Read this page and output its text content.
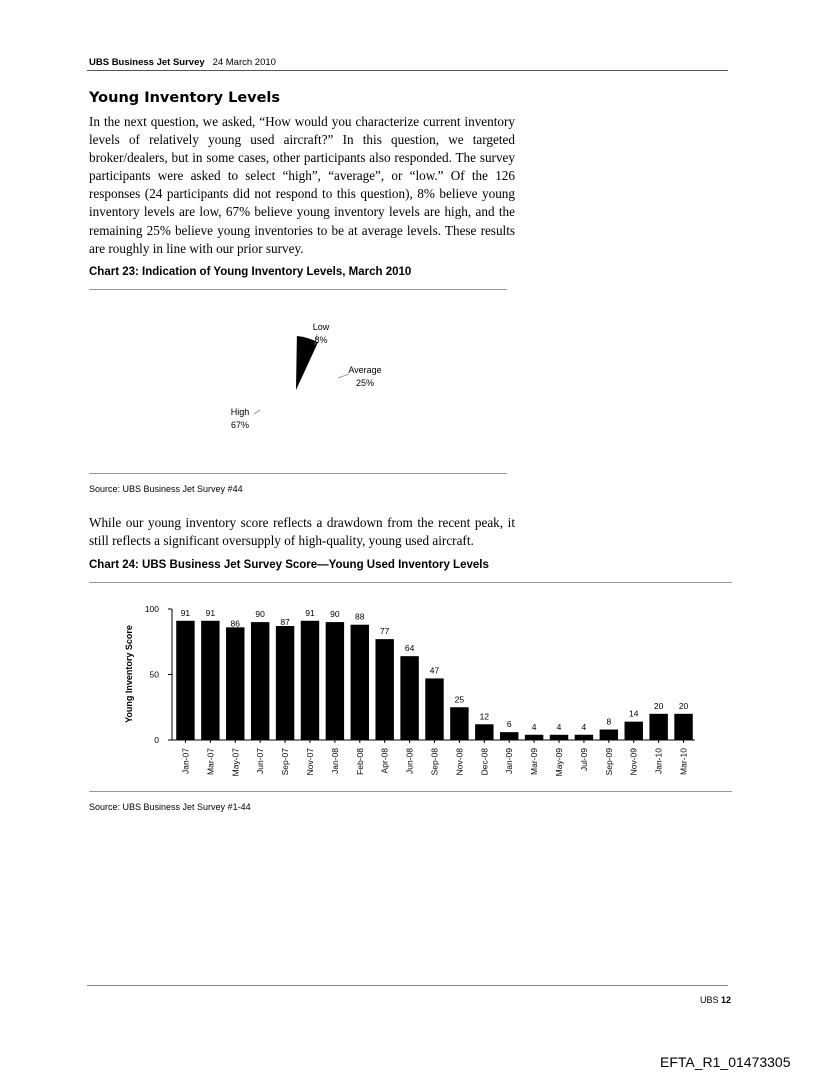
UBS Business Jet Survey 24 March 2010
Young Inventory Levels
In the next question, we asked, “How would you characterize current inventory levels of relatively young used aircraft?” In this question, we targeted broker/dealers, but in some cases, other participants also responded. The survey participants were asked to select “high”, “average”, or “low.” Of the 126 responses (24 participants did not respond to this question), 8% believe young inventory levels are low, 67% believe young inventory levels are high, and the remaining 25% believe young inventories to be at average levels. These results are roughly in line with our prior survey.
Chart 23: Indication of Young Inventory Levels, March 2010
Low
8%
Average
25%
High
67%
Source: UBS Business Jet Survey #44
While our young inventory score reflects a drawdown from the recent peak, it still reflects a significant oversupply of high-quality, young used aircraft.
Chart 24: UBS Business Jet Survey Score—Young Used Inventory Levels
0
50
100
Jan-07 Mar-07 May-07 Jun-07 Sep-07 Nov-07 Jan-08 Feb-08 Apr-08 Jun-08 Sep-08 Nov-08 Dec-08 Jan-09 Mar-09 May-09 Jul-09 Sep-09 Nov-09 Jan-10 Mar-10
91 91
86
90
87
91 90 88
77
64
47
25
12
6 4 4 4
8
14
20 20
Young Inventory Score
Source: UBS Business Jet Survey #1-44
UBS 12
EFTA_R1_01473305
